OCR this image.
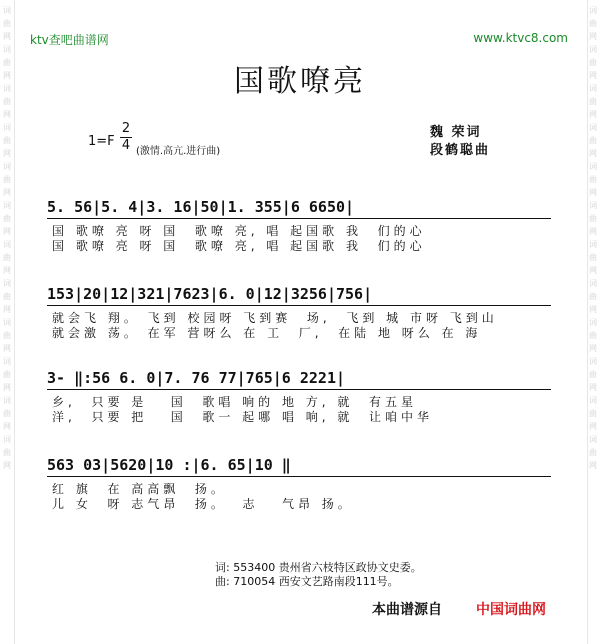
词曲网词曲网词曲网词曲网词曲网词曲网词曲网词曲网词曲网词曲网词曲网词曲网
词曲网词曲网词曲网词曲网词曲网词曲网词曲网词曲网词曲网词曲网词曲网词曲网
ktv查吧曲谱网	www.ktvc8.com
国歌嘹亮
1=F
2
4 (激情.高亢.进行曲)
魏 荣词
段鹤聪曲
5. 56|5. 4|3. 16|50|1. 355|6 6650|
国 歌嘹 亮 呀 国  歌嘹 亮, 唱 起国歌 我  们的心
国 歌嘹 亮 呀 国  歌嘹 亮, 唱 起国歌 我  们的心
153|20|12|321|7623|6. 0|12|3256|756|
就会飞 翔。 飞到 校园呀 飞到赛  场,  飞到 城 市呀 飞到山
就会激 荡。 在军 营呀么 在 工  厂,  在陆 地 呀么 在 海
3- ‖:56 6. 0|7. 76 77|765|6 2221|
乡,  只要 是   国  歌唱 响的 地 方, 就  有五星
洋,  只要 把   国  歌一 起哪 唱 响, 就  让咱中华
563 03|5620|10 :|6. 65|10 ‖
红 旗  在 高高飘  扬。
儿 女  呀 志气昂  扬。  志   气昂 扬。
词: 553400 贵州省六枝特区政协文史委。
曲: 710054 西安文艺路南段111号。
本曲谱源自 中国词曲网
